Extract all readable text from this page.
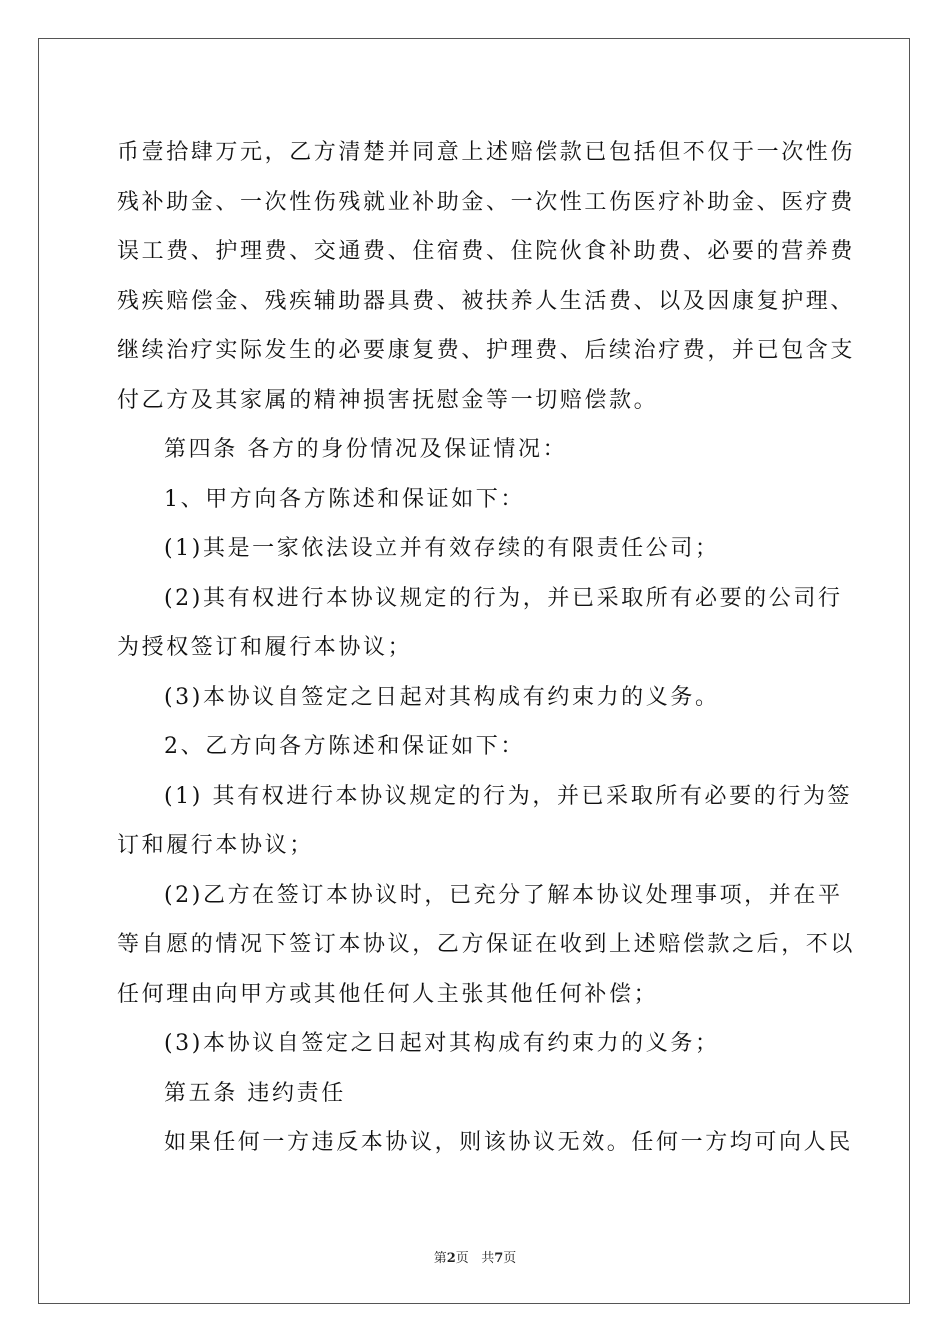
币壹拾肆万元，乙方清楚并同意上述赔偿款已包括但不仅于一次性伤
残补助金、一次性伤残就业补助金、一次性工伤医疗补助金、医疗费
误工费、护理费、交通费、住宿费、住院伙食补助费、必要的营养费
残疾赔偿金、残疾辅助器具费、被扶养人生活费、以及因康复护理、
继续治疗实际发生的必要康复费、护理费、后续治疗费，并已包含支
付乙方及其家属的精神损害抚慰金等一切赔偿款。
第四条 各方的身份情况及保证情况：
1、甲方向各方陈述和保证如下：
(1)其是一家依法设立并有效存续的有限责任公司；
(2)其有权进行本协议规定的行为，并已采取所有必要的公司行
为授权签订和履行本协议；
(3)本协议自签定之日起对其构成有约束力的义务。
2、乙方向各方陈述和保证如下：
(1) 其有权进行本协议规定的行为，并已采取所有必要的行为签
订和履行本协议；
(2)乙方在签订本协议时，已充分了解本协议处理事项，并在平
等自愿的情况下签订本协议，乙方保证在收到上述赔偿款之后，不以
任何理由向甲方或其他任何人主张其他任何补偿；
(3)本协议自签定之日起对其构成有约束力的义务；
第五条 违约责任
如果任何一方违反本协议，则该协议无效。任何一方均可向人民
第2页 共7页
